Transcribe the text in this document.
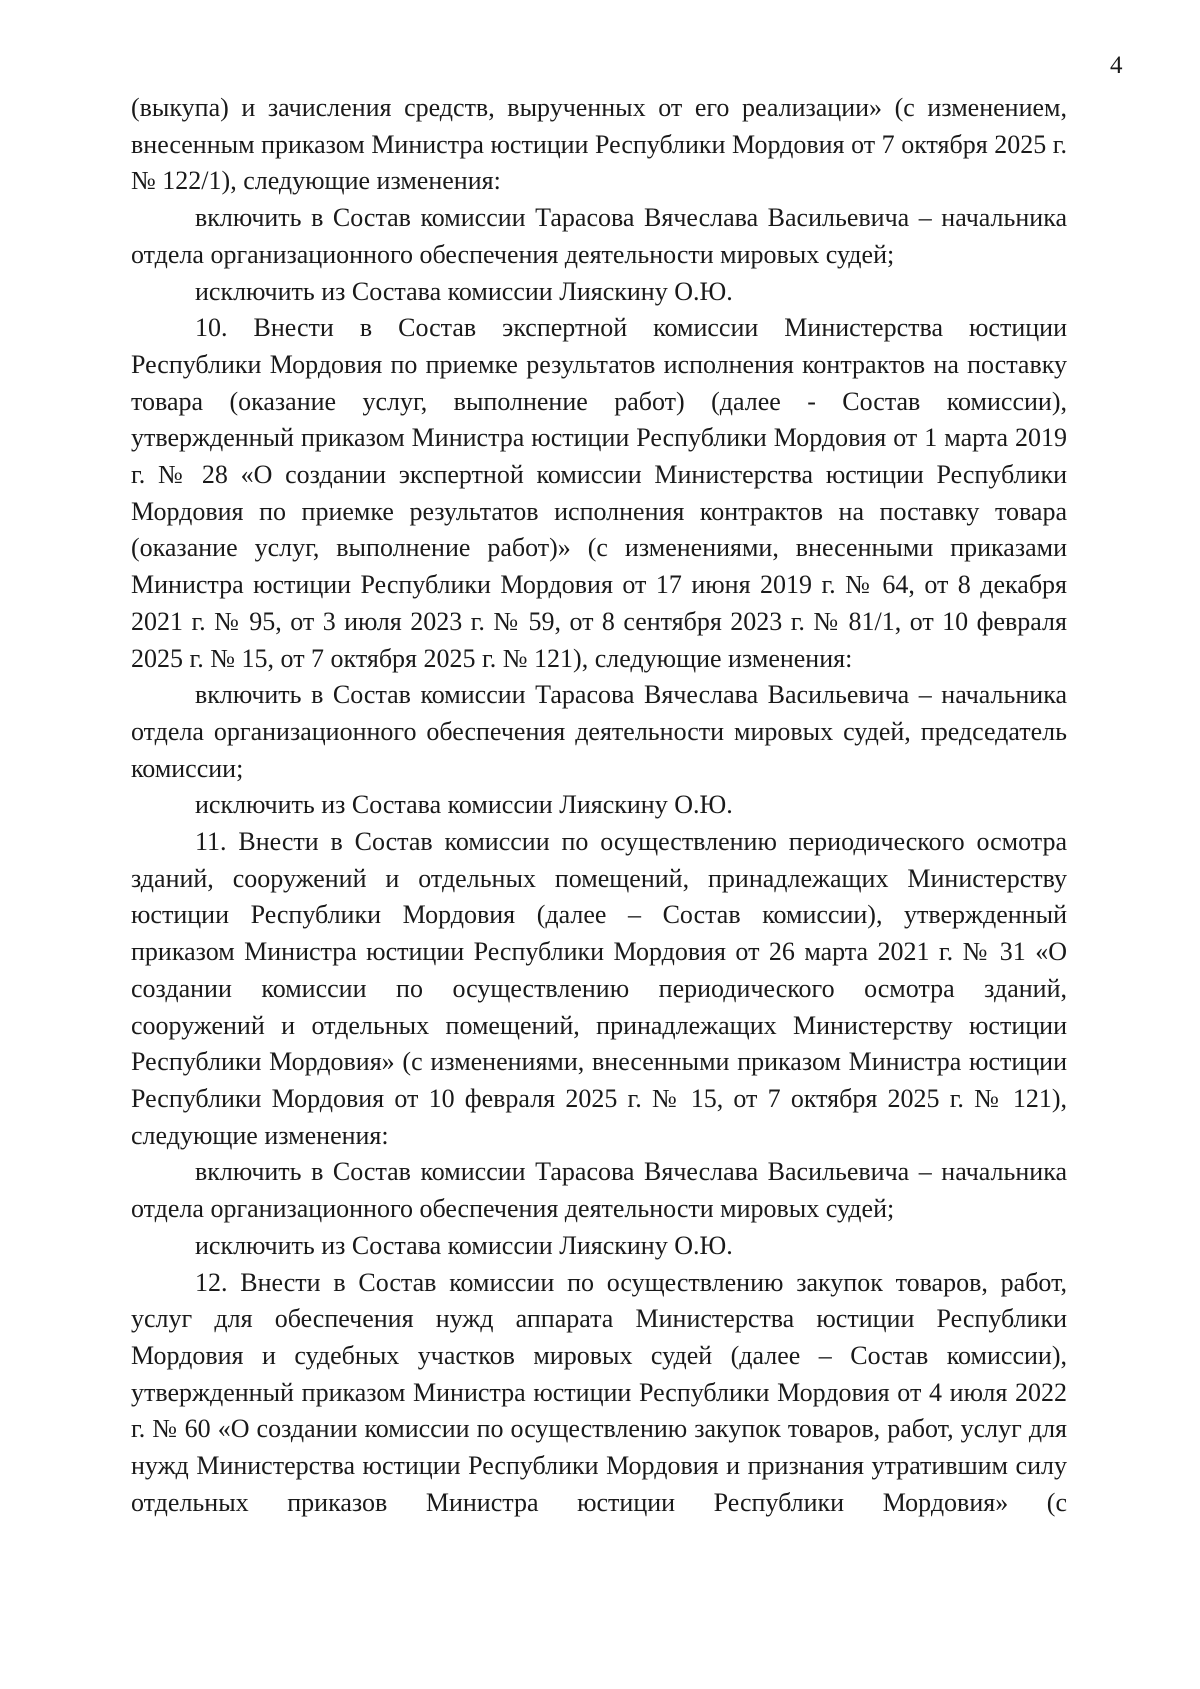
4

(выкупа) и зачисления средств, вырученных от его реализации» (с изменением, внесенным приказом Министра юстиции Республики Мордовия от 7 октября 2025 г. № 122/1), следующие изменения:

включить в Состав комиссии Тарасова Вячеслава Васильевича – начальника отдела организационного обеспечения деятельности мировых судей;

исключить из Состава комиссии Лияскину О.Ю.

10. Внести в Состав экспертной комиссии Министерства юстиции Республики Мордовия по приемке результатов исполнения контрактов на поставку товара (оказание услуг, выполнение работ) (далее - Состав комиссии), утвержденный приказом Министра юстиции Республики Мордовия от 1 марта 2019 г. № 28 «О создании экспертной комиссии Министерства юстиции Республики Мордовия по приемке результатов исполнения контрактов на поставку товара (оказание услуг, выполнение работ)» (с изменениями, внесенными приказами Министра юстиции Республики Мордовия от 17 июня 2019 г. № 64, от 8 декабря 2021 г. № 95, от 3 июля 2023 г. № 59, от 8 сентября 2023 г. № 81/1, от 10 февраля 2025 г. № 15, от 7 октября 2025 г. № 121), следующие изменения:

включить в Состав комиссии Тарасова Вячеслава Васильевича – начальника отдела организационного обеспечения деятельности мировых судей, председатель комиссии;

исключить из Состава комиссии Лияскину О.Ю.

11. Внести в Состав комиссии по осуществлению периодического осмотра зданий, сооружений и отдельных помещений, принадлежащих Министерству юстиции Республики Мордовия (далее – Состав комиссии), утвержденный приказом Министра юстиции Республики Мордовия от 26 марта 2021 г. № 31 «О создании комиссии по осуществлению периодического осмотра зданий, сооружений и отдельных помещений, принадлежащих Министерству юстиции Республики Мордовия» (с изменениями, внесенными приказом Министра юстиции Республики Мордовия от 10 февраля 2025 г. № 15, от 7 октября 2025 г. № 121), следующие изменения:

включить в Состав комиссии Тарасова Вячеслава Васильевича – начальника отдела организационного обеспечения деятельности мировых судей;

исключить из Состава комиссии Лияскину О.Ю.

12. Внести в Состав комиссии по осуществлению закупок товаров, работ, услуг для обеспечения нужд аппарата Министерства юстиции Республики Мордовия и судебных участков мировых судей (далее – Состав комиссии), утвержденный приказом Министра юстиции Республики Мордовия от 4 июля 2022 г. № 60 «О создании комиссии по осуществлению закупок товаров, работ, услуг для нужд Министерства юстиции Республики Мордовия и признания утратившим силу отдельных приказов Министра юстиции Республики Мордовия» (с
